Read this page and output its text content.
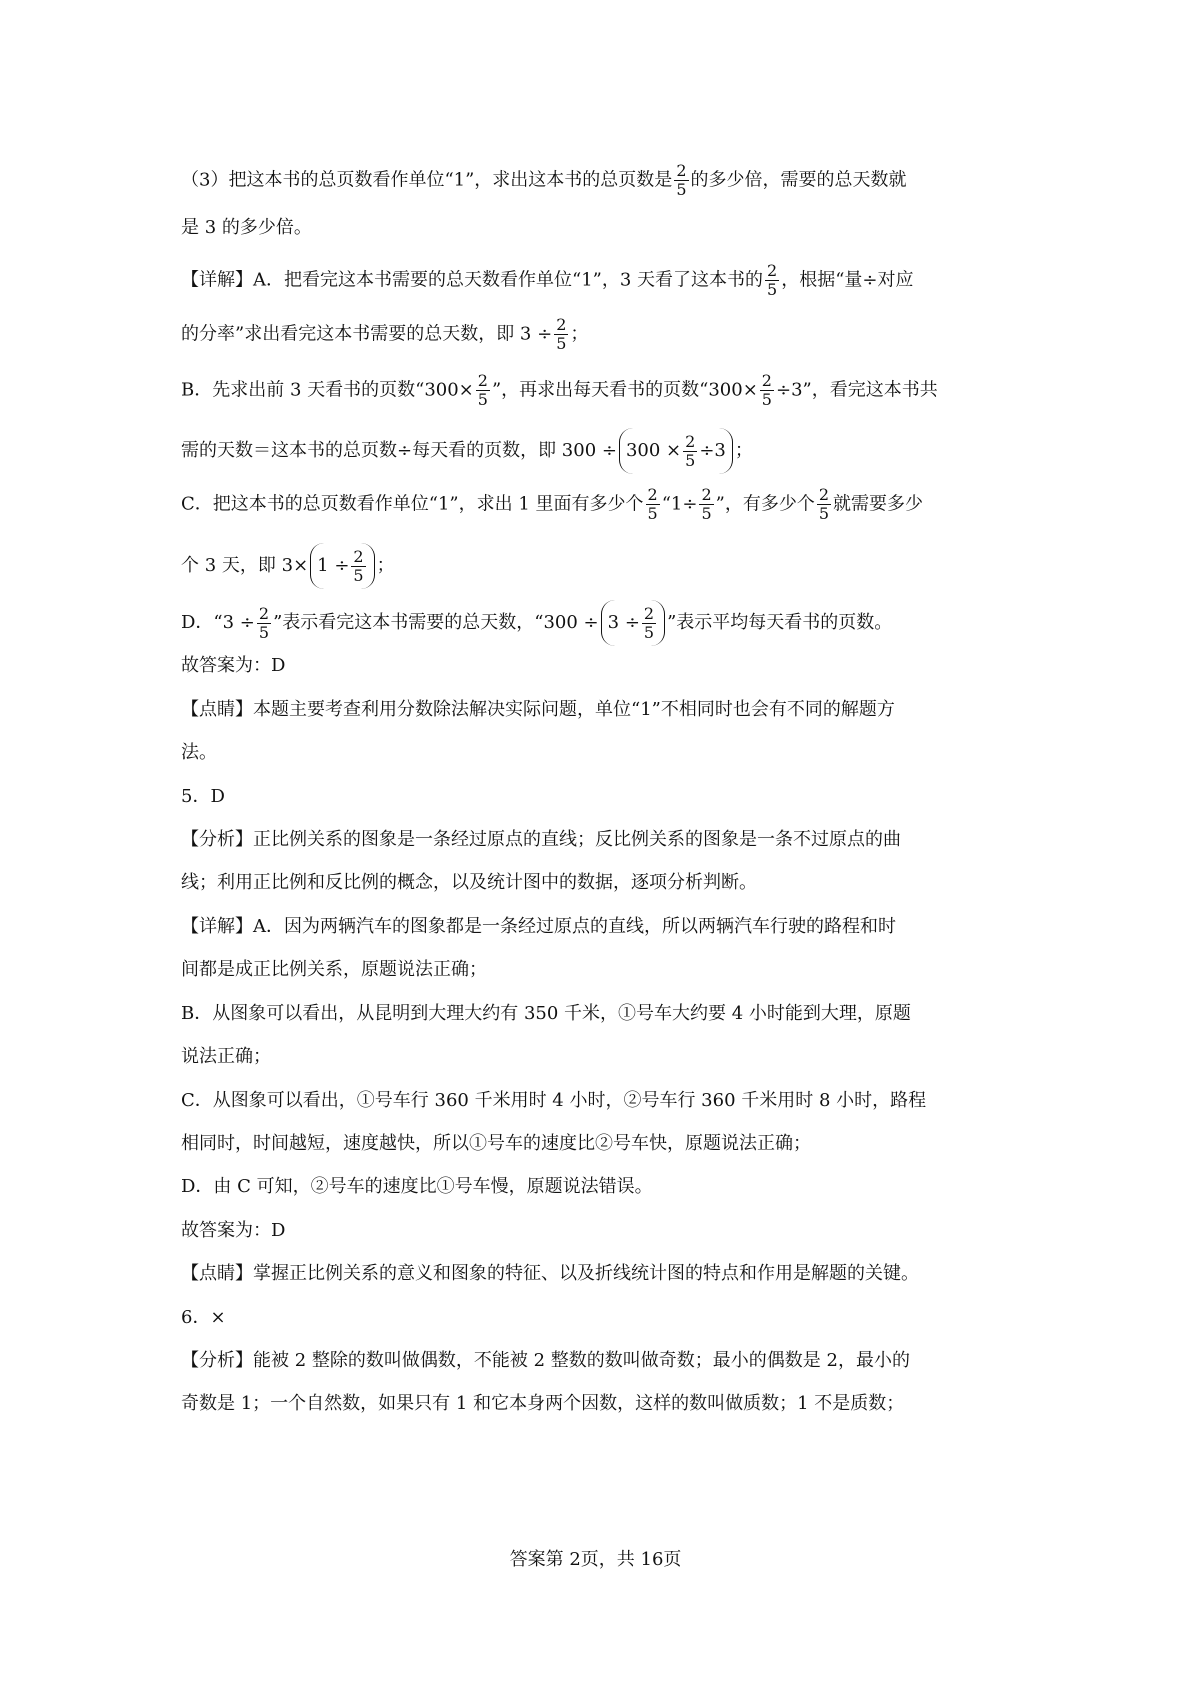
（3）把这本书的总页数看作单位“1”，求出这本书的总页数是 $\frac{2}{5}$ 的多少倍，需要的总天数就
是 3 的多少倍。
【详解】A．把看完这本书需要的总天数看作单位“1”，3 天看了这本书的 $\frac{2}{5}$ ，根据“量÷对应
的分率”求出看完这本书需要的总天数，即 $3 \div \frac{2}{5}$ ；
B．先求出前 3 天看书的页数“$300\times \frac{2}{5}$ ”，再求出每天看书的页数“$300\times \frac{2}{5} \div 3$”，看完这本书共
需的天数＝这本书的总页数÷每天看的页数，即 $300 \div 300 \times \frac{2}{5} \div 3$ ；
C．把这本书的总页数看作单位“1”，求出 1 里面有多少个 $\frac{2}{5}$ “$1\div \frac{2}{5}$ ”，有多少个 $\frac{2}{5}$ 就需要多少
个 3 天，即 $3\times 1 \div \frac{2}{5}$ ；
D．“$3 \div \frac{2}{5}$ ”表示看完这本书需要的总天数，“$300 \div 3 \div \frac{2}{5}$ ”表示平均每天看书的页数。
故答案为：D
【点睛】本题主要考查利用分数除法解决实际问题，单位“1”不相同时也会有不同的解题方
法。
5．D
【分析】正比例关系的图象是一条经过原点的直线；反比例关系的图象是一条不过原点的曲
线；利用正比例和反比例的概念，以及统计图中的数据，逐项分析判断。
【详解】A．因为两辆汽车的图象都是一条经过原点的直线，所以两辆汽车行驶的路程和时
间都是成正比例关系，原题说法正确；
B．从图象可以看出，从昆明到大理大约有 350 千米，①号车大约要 4 小时能到大理，原题
说法正确；
C．从图象可以看出，①号车行 360 千米用时 4 小时，②号车行 360 千米用时 8 小时，路程
相同时，时间越短，速度越快，所以①号车的速度比②号车快，原题说法正确；
D．由 C 可知，②号车的速度比①号车慢，原题说法错误。
故答案为：D
【点睛】掌握正比例关系的意义和图象的特征、以及折线统计图的特点和作用是解题的关键。
6．×
【分析】能被 2 整除的数叫做偶数，不能被 2 整数的数叫做奇数；最小的偶数是 2，最小的
奇数是 1；一个自然数，如果只有 1 和它本身两个因数，这样的数叫做质数；1 不是质数；
答案第 2页，共 16页
